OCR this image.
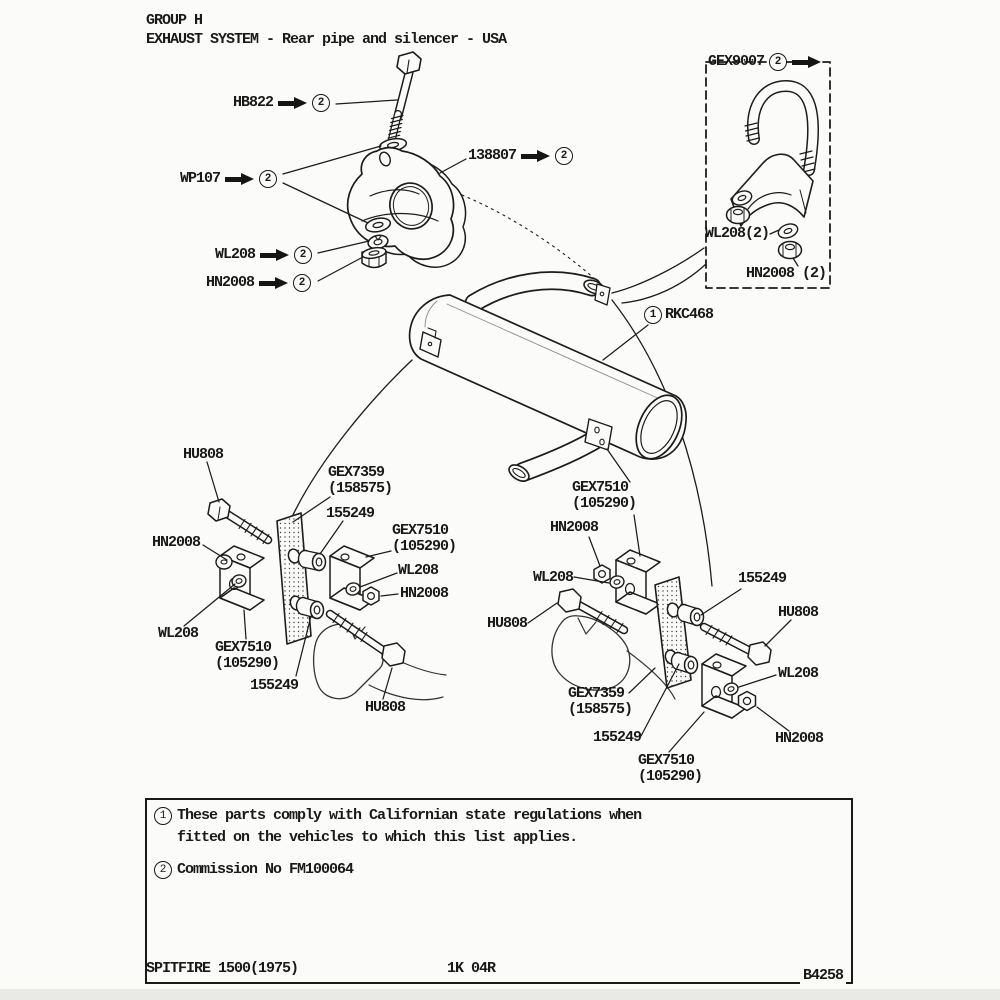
GROUP H
EXHAUST SYSTEM - Rear pipe and silencer - USA
HB822	2
WP107	2
138807	2
WL208	2
HN2008	2
GEX9007 2
WL208(2)
HN2008 (2)
1 RKC468
HU808
GEX7359
(158575)
155249
GEX7510
(105290)
WL208
HN2008
HN2008
WL208
GEX7510
(105290)
155249
HU808
GEX7510
(105290)
HN2008
WL208
HU808
155249
HU808
GEX7359
(158575)
155249
GEX7510
(105290)
WL208
HN2008
1 These parts comply with Californian state regulations when
fitted on the vehicles to which this list applies.
2 Commission No FM100064
SPITFIRE 1500(1975)	1K 04R	B4258
